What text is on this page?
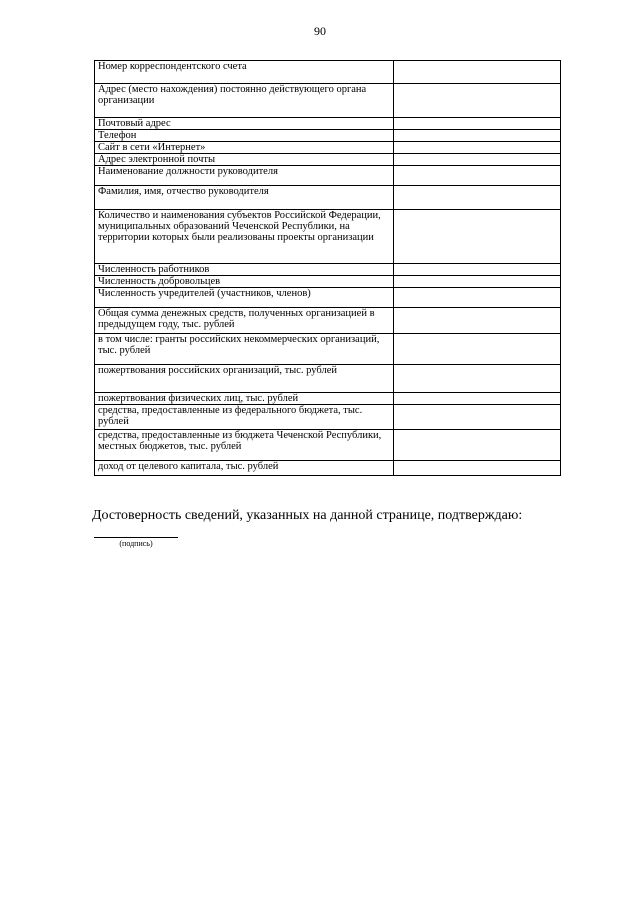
90
Номер корреспондентского счета	
Адрес (место нахождения) постоянно действующего органа организации	
Почтовый адрес	
Телефон	
Сайт в сети «Интернет»	
Адрес электронной почты	
Наименование должности руководителя	
Фамилия, имя, отчество руководителя	
Количество и наименования субъектов Российской Федерации, муниципальных образований Чеченской Республики, на территории которых были реализованы проекты организации	
Численность работников	
Численность добровольцев	
Численность учредителей (участников, членов)	
Общая сумма денежных средств, полученных организацией в предыдущем году, тыс. рублей	
в том числе: гранты российских некоммерческих организаций, тыс. рублей	
пожертвования российских организаций, тыс. рублей	
пожертвования физических лиц, тыс. рублей	
средства, предоставленные из федерального бюджета, тыс. рублей	
средства, предоставленные из бюджета Чеченской Республики, местных бюджетов, тыс. рублей	
доход от целевого капитала, тыс. рублей	
Достоверность сведений, указанных на данной странице, подтверждаю:
(подпись)
